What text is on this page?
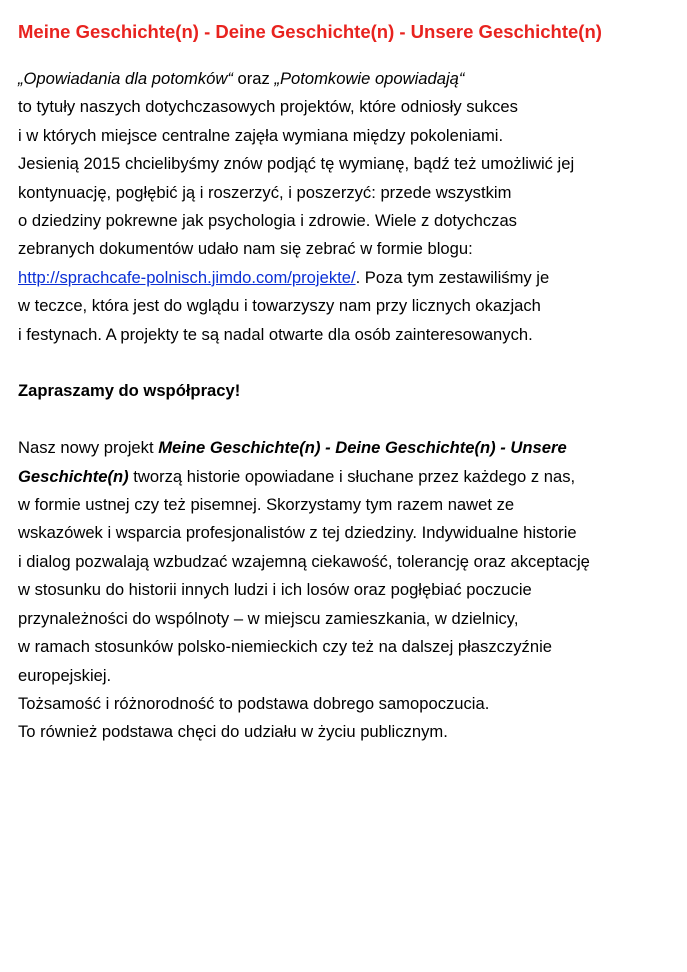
Meine Geschichte(n) - Deine Geschichte(n) - Unsere Geschichte(n)
„Opowiadania dla potomków“ oraz „Potomkowie opowiadają“
to tytuły naszych dotychczasowych projektów, które odniosły sukces
i w których miejsce centralne zajęła wymiana między pokoleniami.
Jesienią 2015 chcielibyśmy znów podjąć tę wymianę, bądź też umożliwić jej
kontynuację, pogłębić ją i roszerzyć, i poszerzyć: przede wszystkim
o dziedziny pokrewne jak psychologia i zdrowie. Wiele z dotychczas
zebranych dokumentów udało nam się zebrać w formie blogu:
http://sprachcafe-polnisch.jimdo.com/projekte/. Poza tym zestawiliśmy je
w teczce, która jest do wglądu i towarzyszy nam przy licznych okazjach
i festynach. A projekty te są nadal otwarte dla osób zainteresowanych.
Zapraszamy do współpracy!
Nasz nowy projekt Meine Geschichte(n) - Deine Geschichte(n) - Unsere
Geschichte(n) tworzą historie opowiadane i słuchane przez każdego z nas,
w formie ustnej czy też pisemnej. Skorzystamy tym razem nawet ze
wskazówek i wsparcia profesjonalistów z tej dziedziny. Indywidualne historie
i dialog pozwalają wzbudzać wzajemną ciekawość, tolerancję oraz akceptację
w stosunku do historii innych ludzi i ich losów oraz pogłębiać poczucie
przynależności do wspólnoty – w miejscu zamieszkania, w dzielnicy,
w ramach stosunków polsko-niemieckich czy też na dalszej płaszczyźnie
europejskiej.
Tożsamość i różnorodność to podstawa dobrego samopoczucia.
To również podstawa chęci do udziału w życiu publicznym.
